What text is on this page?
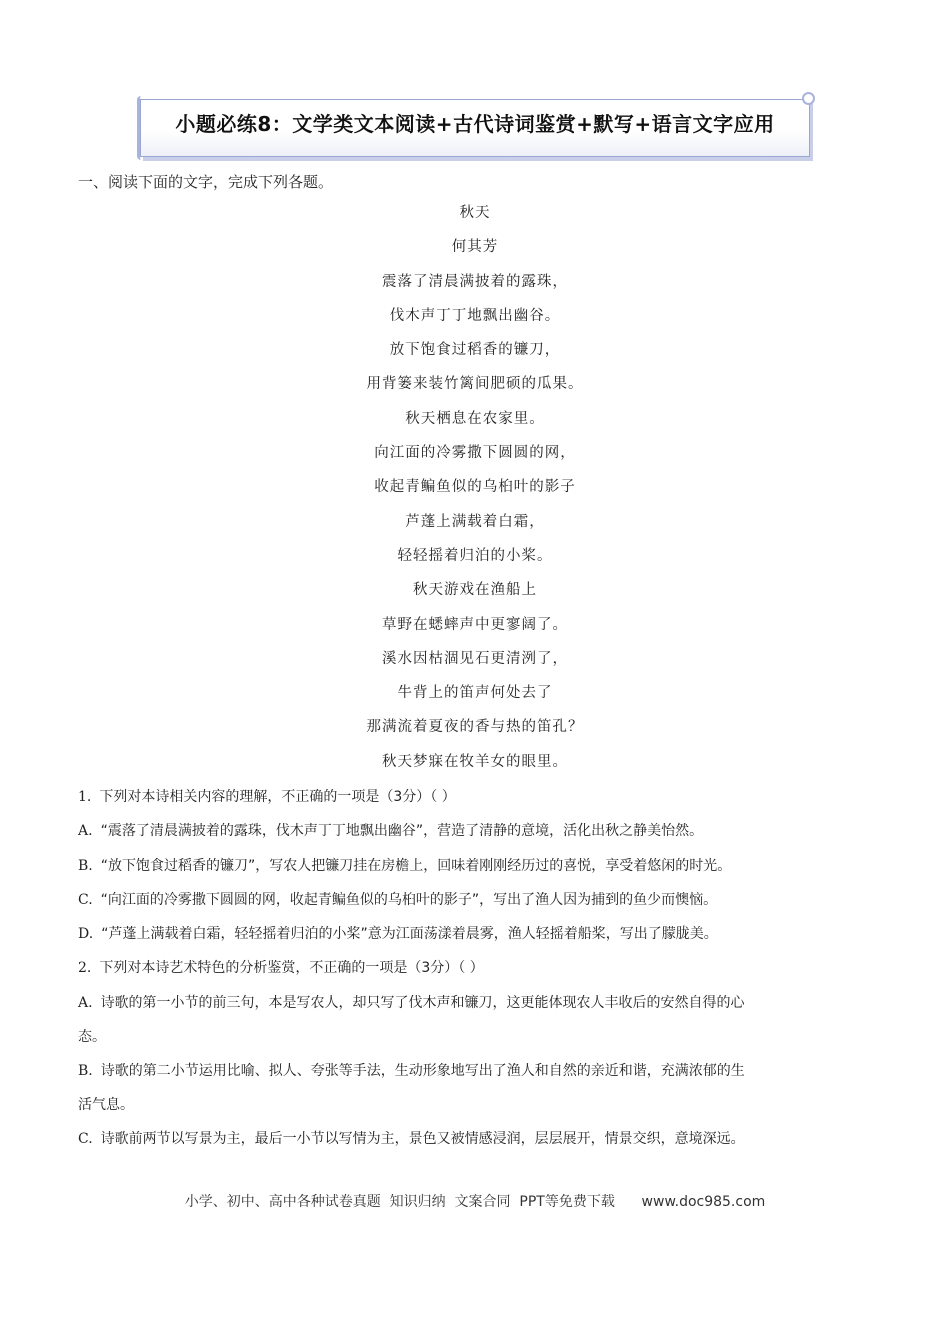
小题必练8：文学类文本阅读+古代诗词鉴赏+默写+语言文字应用
一、阅读下面的文字，完成下列各题。
秋天
何其芳
震落了清晨满披着的露珠，
伐木声丁丁地飘出幽谷。
放下饱食过稻香的镰刀，
用背篓来装竹篱间肥硕的瓜果。
秋天栖息在农家里。
向江面的冷雾撒下圆圆的网，
收起青鳊鱼似的乌桕叶的影子
芦蓬上满载着白霜，
轻轻摇着归泊的小桨。
秋天游戏在渔船上
草野在蟋蟀声中更寥阔了。
溪水因枯涸见石更清洌了，
牛背上的笛声何处去了
那满流着夏夜的香与热的笛孔？
秋天梦寐在牧羊女的眼里。
1. 下列对本诗相关内容的理解，不正确的一项是（3分）（ ）
A. “震落了清晨满披着的露珠，伐木声丁丁地飘出幽谷”，营造了清静的意境，活化出秋之静美怡然。
B. “放下饱食过稻香的镰刀”，写农人把镰刀挂在房檐上，回味着刚刚经历过的喜悦，享受着悠闲的时光。
C. “向江面的冷雾撒下圆圆的网，收起青鳊鱼似的乌桕叶的影子”，写出了渔人因为捕到的鱼少而懊恼。
D. “芦蓬上满载着白霜，轻轻摇着归泊的小桨”意为江面荡漾着晨雾，渔人轻摇着船桨，写出了朦胧美。
2. 下列对本诗艺术特色的分析鉴赏，不正确的一项是（3分）（ ）
A. 诗歌的第一小节的前三句，本是写农人，却只写了伐木声和镰刀，这更能体现农人丰收后的安然自得的心
态。
B. 诗歌的第二小节运用比喻、拟人、夸张等手法，生动形象地写出了渔人和自然的亲近和谐，充满浓郁的生
活气息。
C. 诗歌前两节以写景为主，最后一小节以写情为主，景色又被情感浸润，层层展开，情景交织，意境深远。
小学、初中、高中各种试卷真题  知识归纳  文案合同  PPT等免费下载 www.doc985.com
